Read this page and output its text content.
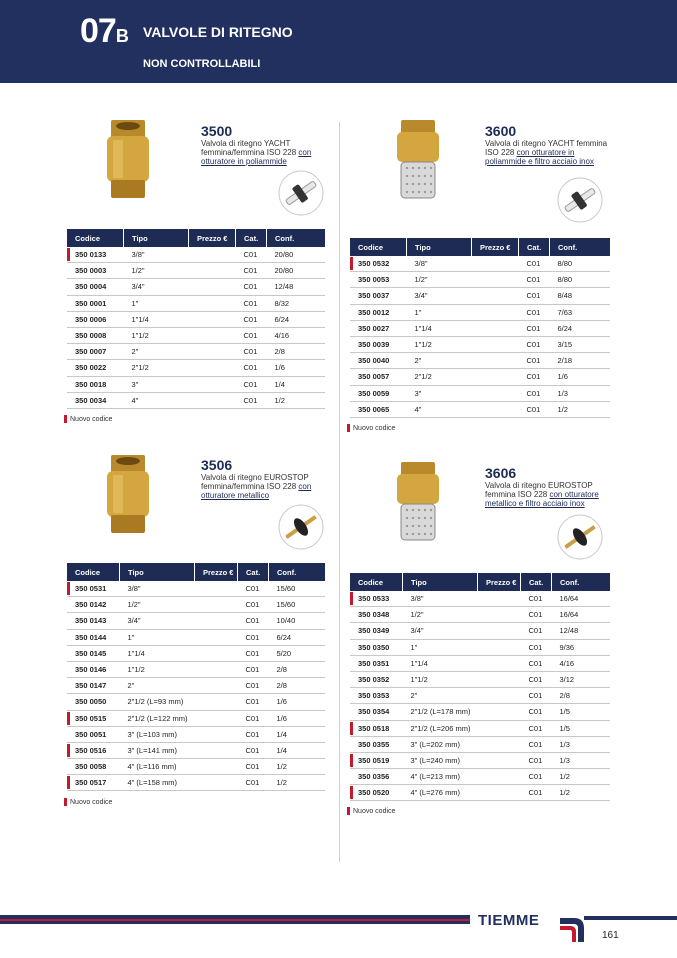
07B VALVOLE DI RITEGNO
NON CONTROLLABILI
3500
Valvola di ritegno YACHT femmina/femmina ISO 228 con otturatore in poliammide
Codice	Tipo	Prezzo €	Cat.	Conf.
350 0133	3/8"		C01	20/80
350 0003	1/2"		C01	20/80
350 0004	3/4"		C01	12/48
350 0001	1"		C01	8/32
350 0006	1"1/4		C01	6/24
350 0008	1"1/2		C01	4/16
350 0007	2"		C01	2/8
350 0022	2"1/2		C01	1/6
350 0018	3"		C01	1/4
350 0034	4"		C01	1/2
Nuovo codice
3600
Valvola di ritegno YACHT femmina ISO 228 con otturatore in poliammide e filtro acciaio inox
Codice	Tipo	Prezzo €	Cat.	Conf.
350 0532	3/8"		C01	8/80
350 0053	1/2"		C01	8/80
350 0037	3/4"		C01	8/48
350 0012	1"		C01	7/63
350 0027	1"1/4		C01	6/24
350 0039	1"1/2		C01	3/15
350 0040	2"		C01	2/18
350 0057	2"1/2		C01	1/6
350 0059	3"		C01	1/3
350 0065	4"		C01	1/2
Nuovo codice
3506
Valvola di ritegno EUROSTOP femmina/femmina ISO 228 con otturatore metallico
Codice	Tipo	Prezzo €	Cat.	Conf.
350 0531	3/8"		C01	15/60
350 0142	1/2"		C01	15/60
350 0143	3/4"		C01	10/40
350 0144	1"		C01	6/24
350 0145	1"1/4		C01	5/20
350 0146	1"1/2		C01	2/8
350 0147	2"		C01	2/8
350 0050	2"1/2 (L=93 mm)		C01	1/6
350 0515	2"1/2 (L=122 mm)		C01	1/6
350 0051	3" (L=103 mm)		C01	1/4
350 0516	3" (L=141 mm)		C01	1/4
350 0058	4" (L=116 mm)		C01	1/2
350 0517	4" (L=158 mm)		C01	1/2
Nuovo codice
3606
Valvola di ritegno EUROSTOP femmina ISO 228 con otturatore metallico e filtro acciaio inox
Codice	Tipo	Prezzo €	Cat.	Conf.
350 0533	3/8"		C01	16/64
350 0348	1/2"		C01	16/64
350 0349	3/4"		C01	12/48
350 0350	1"		C01	9/36
350 0351	1"1/4		C01	4/16
350 0352	1"1/2		C01	3/12
350 0353	2"		C01	2/8
350 0354	2"1/2 (L=178 mm)		C01	1/5
350 0518	2"1/2 (L=206 mm)		C01	1/5
350 0355	3" (L=202 mm)		C01	1/3
350 0519	3" (L=240 mm)		C01	1/3
350 0356	4" (L=213 mm)		C01	1/2
350 0520	4" (L=276 mm)		C01	1/2
Nuovo codice
TIEMME
161
